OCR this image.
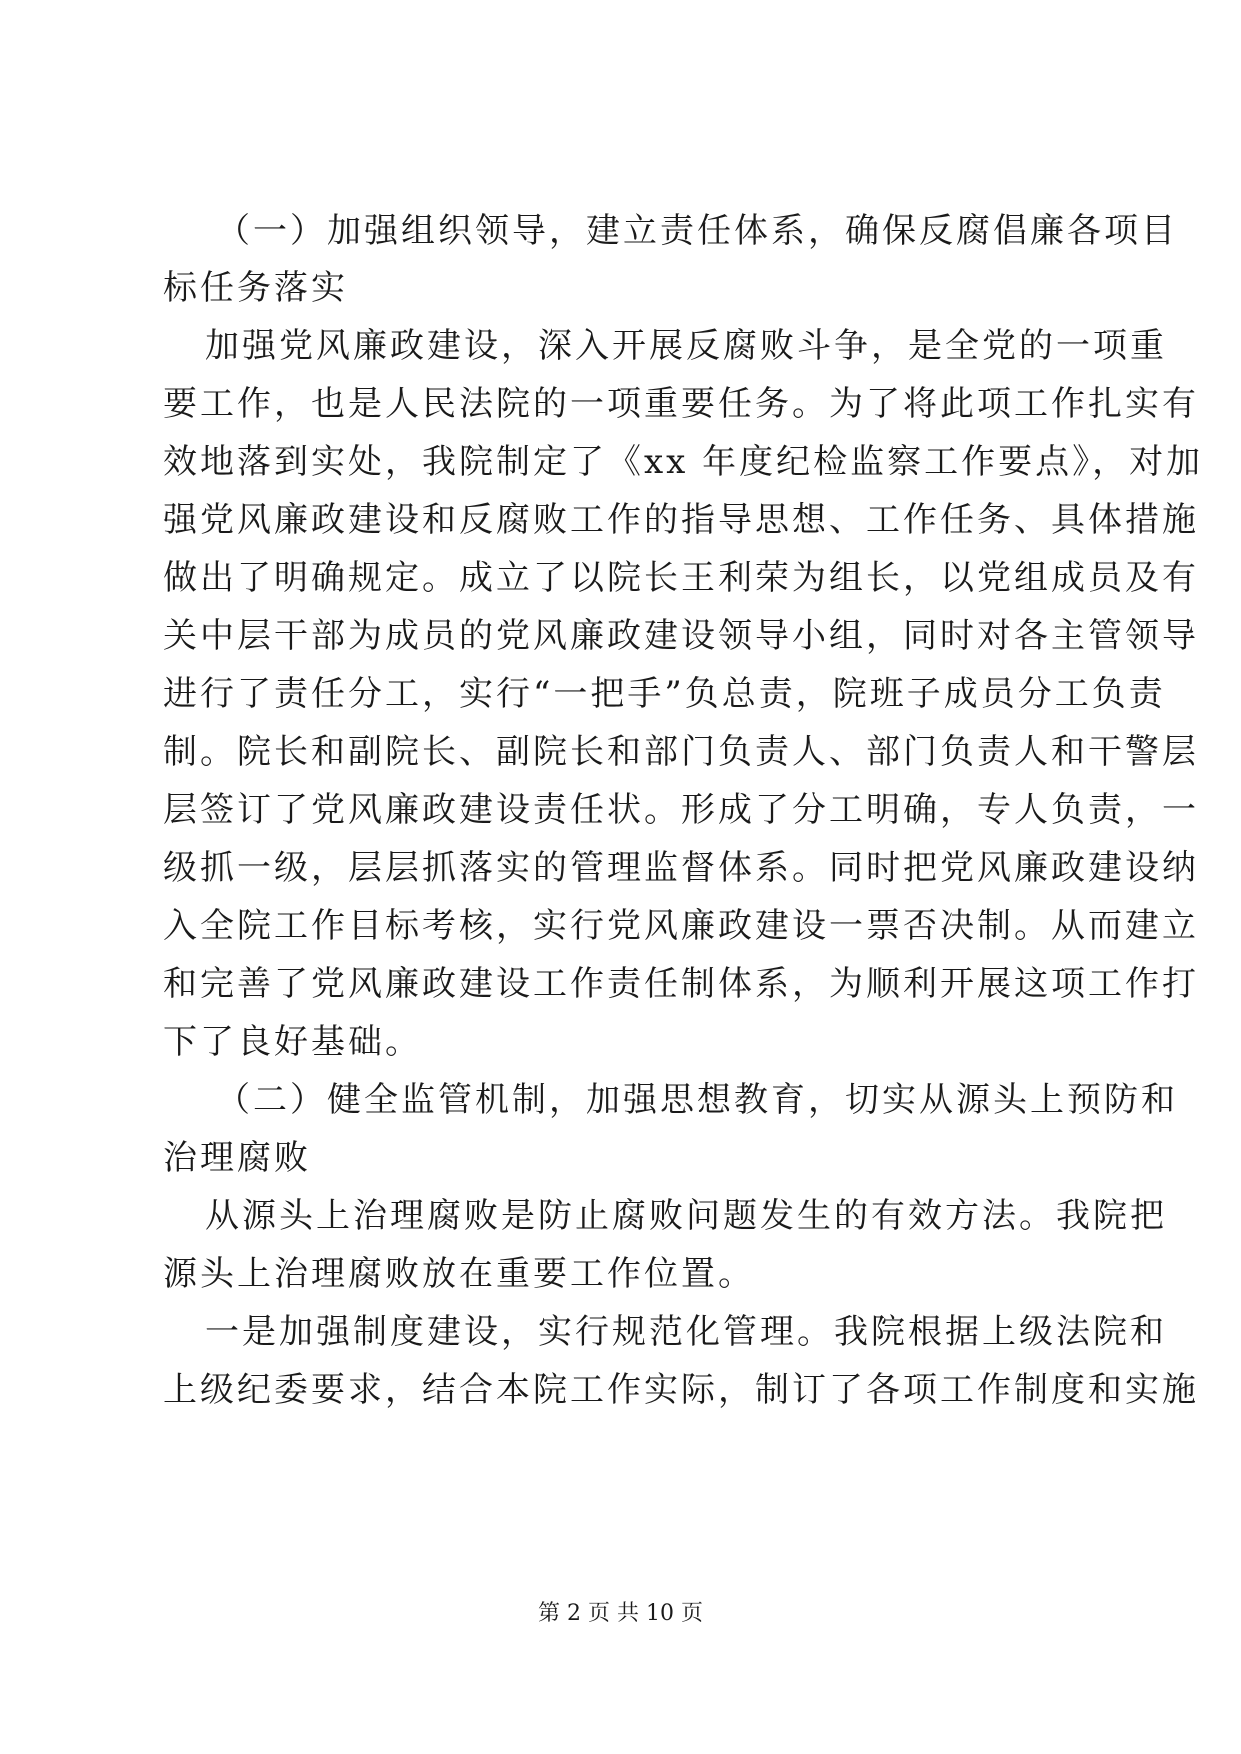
（一）加强组织领导，建立责任体系，确保反腐倡廉各项目
标任务落实
加强党风廉政建设，深入开展反腐败斗争，是全党的一项重
要工作，也是人民法院的一项重要任务。为了将此项工作扎实有
效地落到实处，我院制定了《xx 年度纪检监察工作要点》，对加
强党风廉政建设和反腐败工作的指导思想、工作任务、具体措施
做出了明确规定。成立了以院长王利荣为组长，以党组成员及有
关中层干部为成员的党风廉政建设领导小组，同时对各主管领导
进行了责任分工，实行“一把手”负总责，院班子成员分工负责
制。院长和副院长、副院长和部门负责人、部门负责人和干警层
层签订了党风廉政建设责任状。形成了分工明确，专人负责，一
级抓一级，层层抓落实的管理监督体系。同时把党风廉政建设纳
入全院工作目标考核，实行党风廉政建设一票否决制。从而建立
和完善了党风廉政建设工作责任制体系，为顺利开展这项工作打
下了良好基础。
（二）健全监管机制，加强思想教育，切实从源头上预防和
治理腐败
从源头上治理腐败是防止腐败问题发生的有效方法。我院把
源头上治理腐败放在重要工作位置。
一是加强制度建设，实行规范化管理。我院根据上级法院和
上级纪委要求，结合本院工作实际，制订了各项工作制度和实施
第 2 页 共 10 页
